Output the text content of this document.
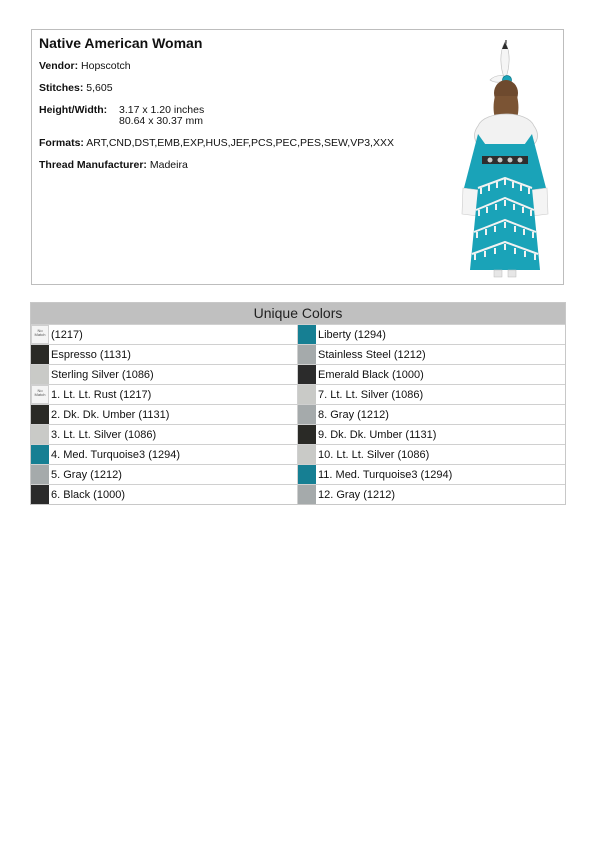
Native American Woman
Vendor: Hopscotch
Stitches: 5,605
Height/Width: 3.17 x 1.20 inches
80.64 x 30.37 mm
Formats: ART,CND,DST,EMB,EXP,HUS,JEF,PCS,PEC,PES,SEW,VP3,XXX
Thread Manufacturer: Madeira
Unique Colors
No Match (1217)	Liberty (1294)
Espresso (1131)	Stainless Steel (1212)
Sterling Silver (1086)	Emerald Black (1000)
No Match 1. Lt. Lt. Rust (1217)	7. Lt. Lt. Silver (1086)
2. Dk. Dk. Umber (1131)	8. Gray (1212)
3. Lt. Lt. Silver (1086)	9. Dk. Dk. Umber (1131)
4. Med. Turquoise3 (1294)	10. Lt. Lt. Silver (1086)
5. Gray (1212)	11. Med. Turquoise3 (1294)
6. Black (1000)	12. Gray (1212)
